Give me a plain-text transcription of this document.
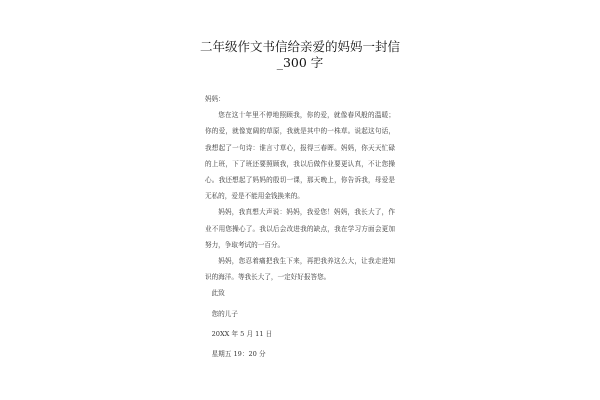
二年级作文书信给亲爱的妈妈一封信
_300 字

妈妈：

您在这十年里不停地照顾我，你的爱，就像春风般的温暖；你的爱，就像宽阔的草原，我就是其中的一株草。说起这句话，我想起了一句诗：谁言寸草心，报得三春晖。妈妈，你天天忙碌的上班，下了班还要照顾我，我以后做作业要更认真，不让您操心。我还想起了妈妈的殷切一课，那天晚上，你告诉我，母爱是无私的，爱是不能用金钱换来的。

妈妈，我真想大声说：妈妈，我爱您！妈妈，我长大了，作业不用您操心了。我以后会改进我的缺点，我在学习方面会更加努力，争取考试的一百分。

妈妈，您忍着痛把我生下来，再把我养这么大，让我走进知识的海洋。等我长大了，一定好好报答您。

此致

您的儿子

20XX 年 5 月 11 日

星期五 19：20 分
